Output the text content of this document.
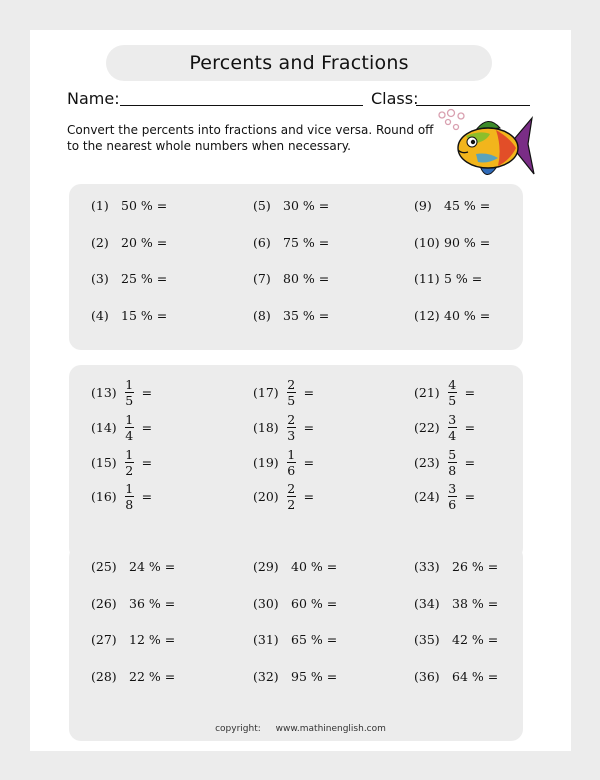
Percents and Fractions
Name:	Class:
Convert the percents into fractions and vice versa. Round off to the nearest whole numbers when necessary.
(1) 50 % =
(2) 20 % =
(3) 25 % =
(4) 15 % =
(5) 30 % =
(6) 75 % =
(7) 80 % =
(8) 35 % =
(9) 45 % =
(10) 90 % =
(11) 5 % =
(12) 40 % =
$(13) \frac{1}{5}$ =
$(14) \frac{1}{4}$ =
$(15) \frac{1}{2}$ =
$(16) \frac{1}{8}$ =
$(17) \frac{2}{5}$ =
$(18) \frac{2}{3}$ =
$(19) \frac{1}{6}$ =
$(20) \frac{2}{2}$ =
$(21) \frac{4}{5}$ =
$(22) \frac{3}{4}$ =
$(23) \frac{5}{8}$ =
$(24) \frac{3}{6}$ =
(25) 24 % =
(26) 36 % =
(27) 12 % =
(28) 22 % =
(29) 40 % =
(30) 60 % =
(31) 65 % =
(32) 95 % =
(33) 26 % =
(34) 38 % =
(35) 42 % =
(36) 64 % =
copyright: www.mathinenglish.com
